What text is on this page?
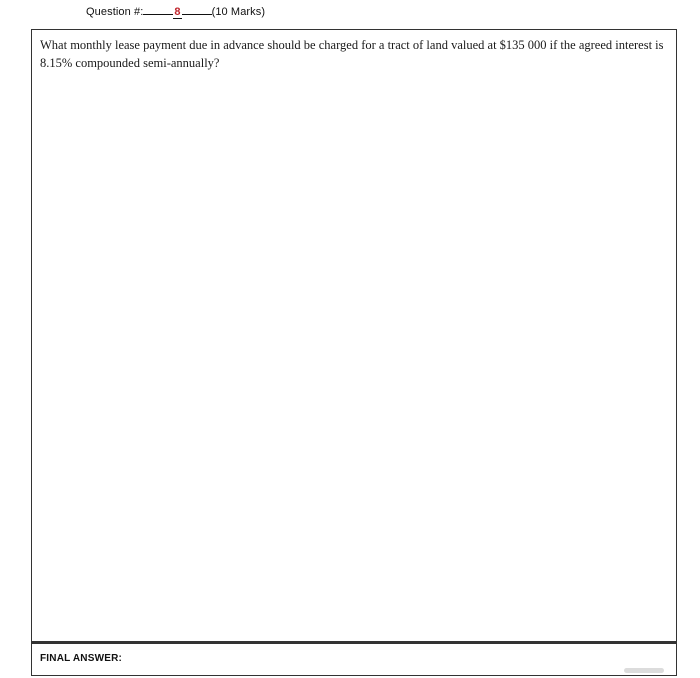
Question #:	8	(10 Marks)
What monthly lease payment due in advance should be charged for a tract of land valued at $135 000 if the agreed interest is 8.15% compounded semi-annually?
FINAL ANSWER:
